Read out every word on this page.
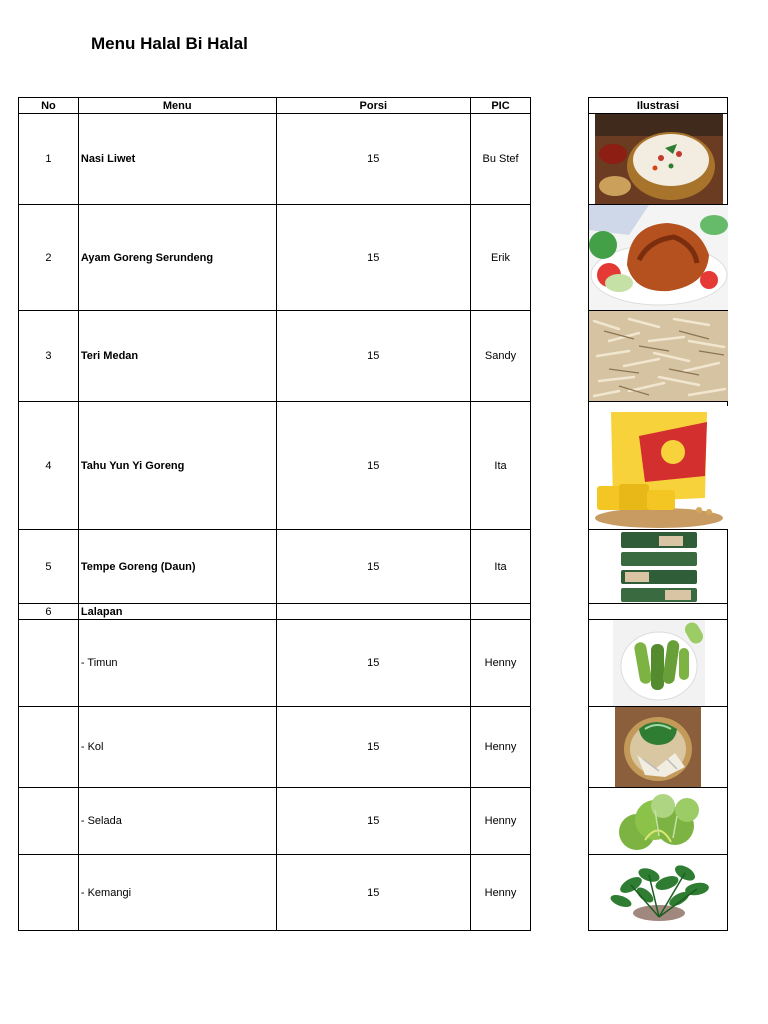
Menu Halal Bi Halal
No	Menu	Porsi	PIC
1	Nasi Liwet	15	Bu Stef
2	Ayam Goreng Serundeng	15	Erik
3	Teri Medan	15	Sandy
4	Tahu Yun Yi Goreng	15	Ita
5	Tempe Goreng (Daun)	15	Ita
6	Lalapan		
	- Timun	15	Henny
	- Kol	15	Henny
	- Selada	15	Henny
	- Kemangi	15	Henny
Ilustrasi
